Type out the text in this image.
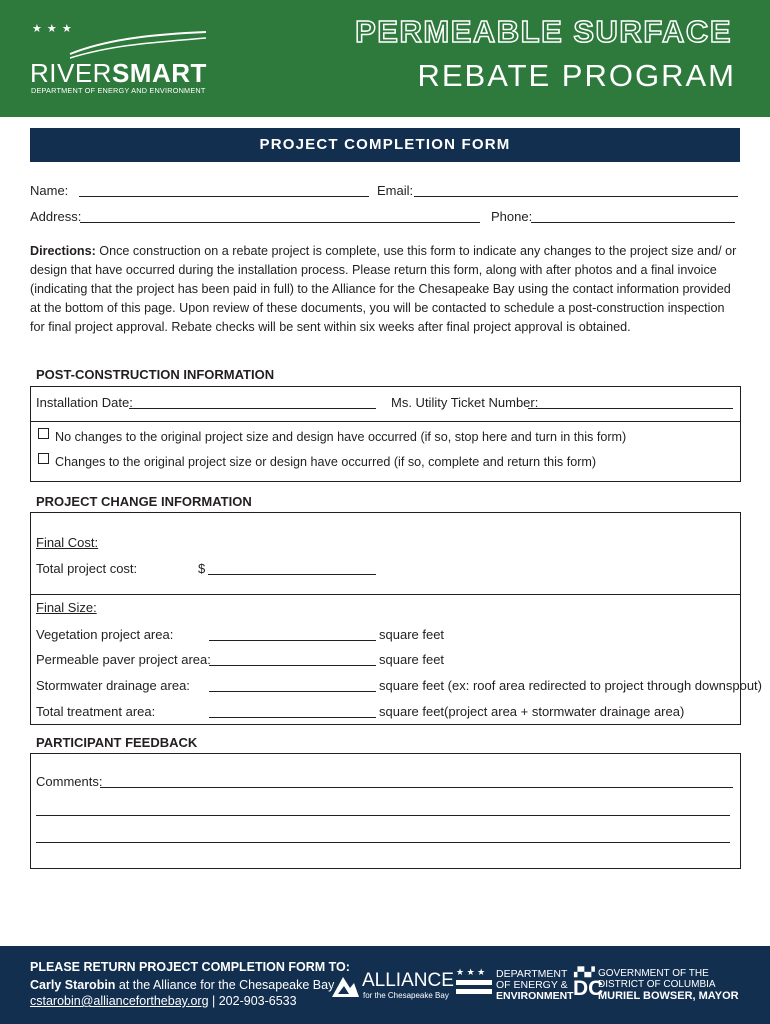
★ ★ ★
RIVERSMART
DEPARTMENT OF ENERGY AND ENVIRONMENT
PERMEABLE SURFACE
REBATE PROGRAM
PROJECT COMPLETION FORM
Name:	Email:
Address:	Phone:
Directions: Once construction on a rebate project is complete, use this form to indicate any changes to the project size and/ or design that have occurred during the installation process. Please return this form, along with after photos and a final invoice (indicating that the project has been paid in full) to the Alliance for the Chesapeake Bay using the contact information provided at the bottom of this page. Upon review of these documents, you will be contacted to schedule a post-construction inspection for final project approval. Rebate checks will be sent within six weeks after final project approval is obtained.
POST-CONSTRUCTION INFORMATION
Installation Date:	Ms. Utility Ticket Number:
No changes to the original project size and design have occurred (if so, stop here and turn in this form)
Changes to the original project size or design have occurred (if so, complete and return this form)
PROJECT CHANGE INFORMATION
Final Cost:
Total project cost:	$
Final Size:
Vegetation project area:	square feet
Permeable paver project area:	square feet
Stormwater drainage area:	square feet (ex: roof area redirected to project through downspout)
Total treatment area:	square feet(project area + stormwater drainage area)
PARTICIPANT FEEDBACK
Comments:
PLEASE RETURN PROJECT COMPLETION FORM TO:
Carly Starobin at the Alliance for the Chesapeake Bay
cstarobin@allianceforthebay.org | 202-903-6533
ALLIANCE
for the Chesapeake Bay
★ ★ ★ DEPARTMENT
OF ENERGY &
ENVIRONMENT
▞▚▞
DC
GOVERNMENT OF THE
DISTRICT OF COLUMBIA
MURIEL BOWSER, MAYOR
